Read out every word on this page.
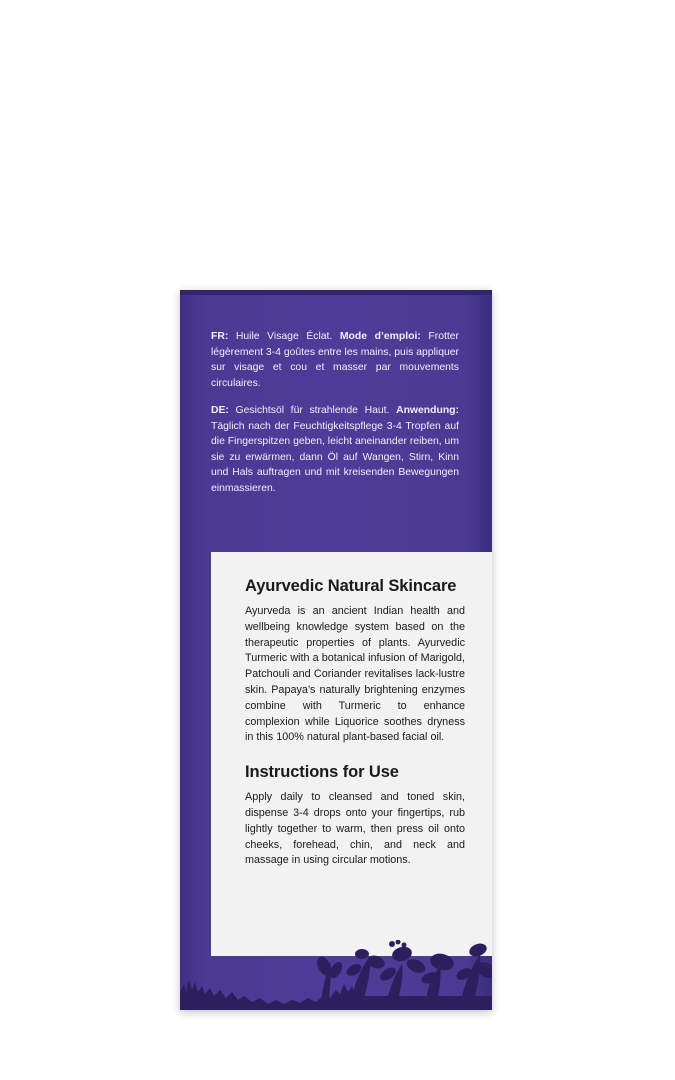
FR: Huile Visage Éclat. Mode d’emploi: Frotter légèrement 3-4 goûtes entre les mains, puis appliquer sur visage et cou et masser par mouvements circulaires.
DE: Gesichtsöl für strahlende Haut. Anwendung: Täglich nach der Feuchtigkeitspflege 3-4 Tropfen auf die Fingerspitzen geben, leicht aneinander reiben, um sie zu erwärmen, dann Öl auf Wangen, Stirn, Kinn und Hals auftragen und mit kreisenden Bewegungen einmassieren.
Ayurvedic Natural Skincare

Ayurveda is an ancient Indian health and wellbeing knowledge system based on the therapeutic properties of plants. Ayurvedic Turmeric with a botanical infusion of Marigold, Patchouli and Coriander revitalises lack-lustre skin. Papaya’s naturally brightening enzymes combine with Turmeric to enhance complexion while Liquorice soothes dryness in this 100% natural plant-based facial oil.

Instructions for Use

Apply daily to cleansed and toned skin, dispense 3-4 drops onto your fingertips, rub lightly together to warm, then press oil onto cheeks, forehead, chin, and neck and massage in using circular motions.
